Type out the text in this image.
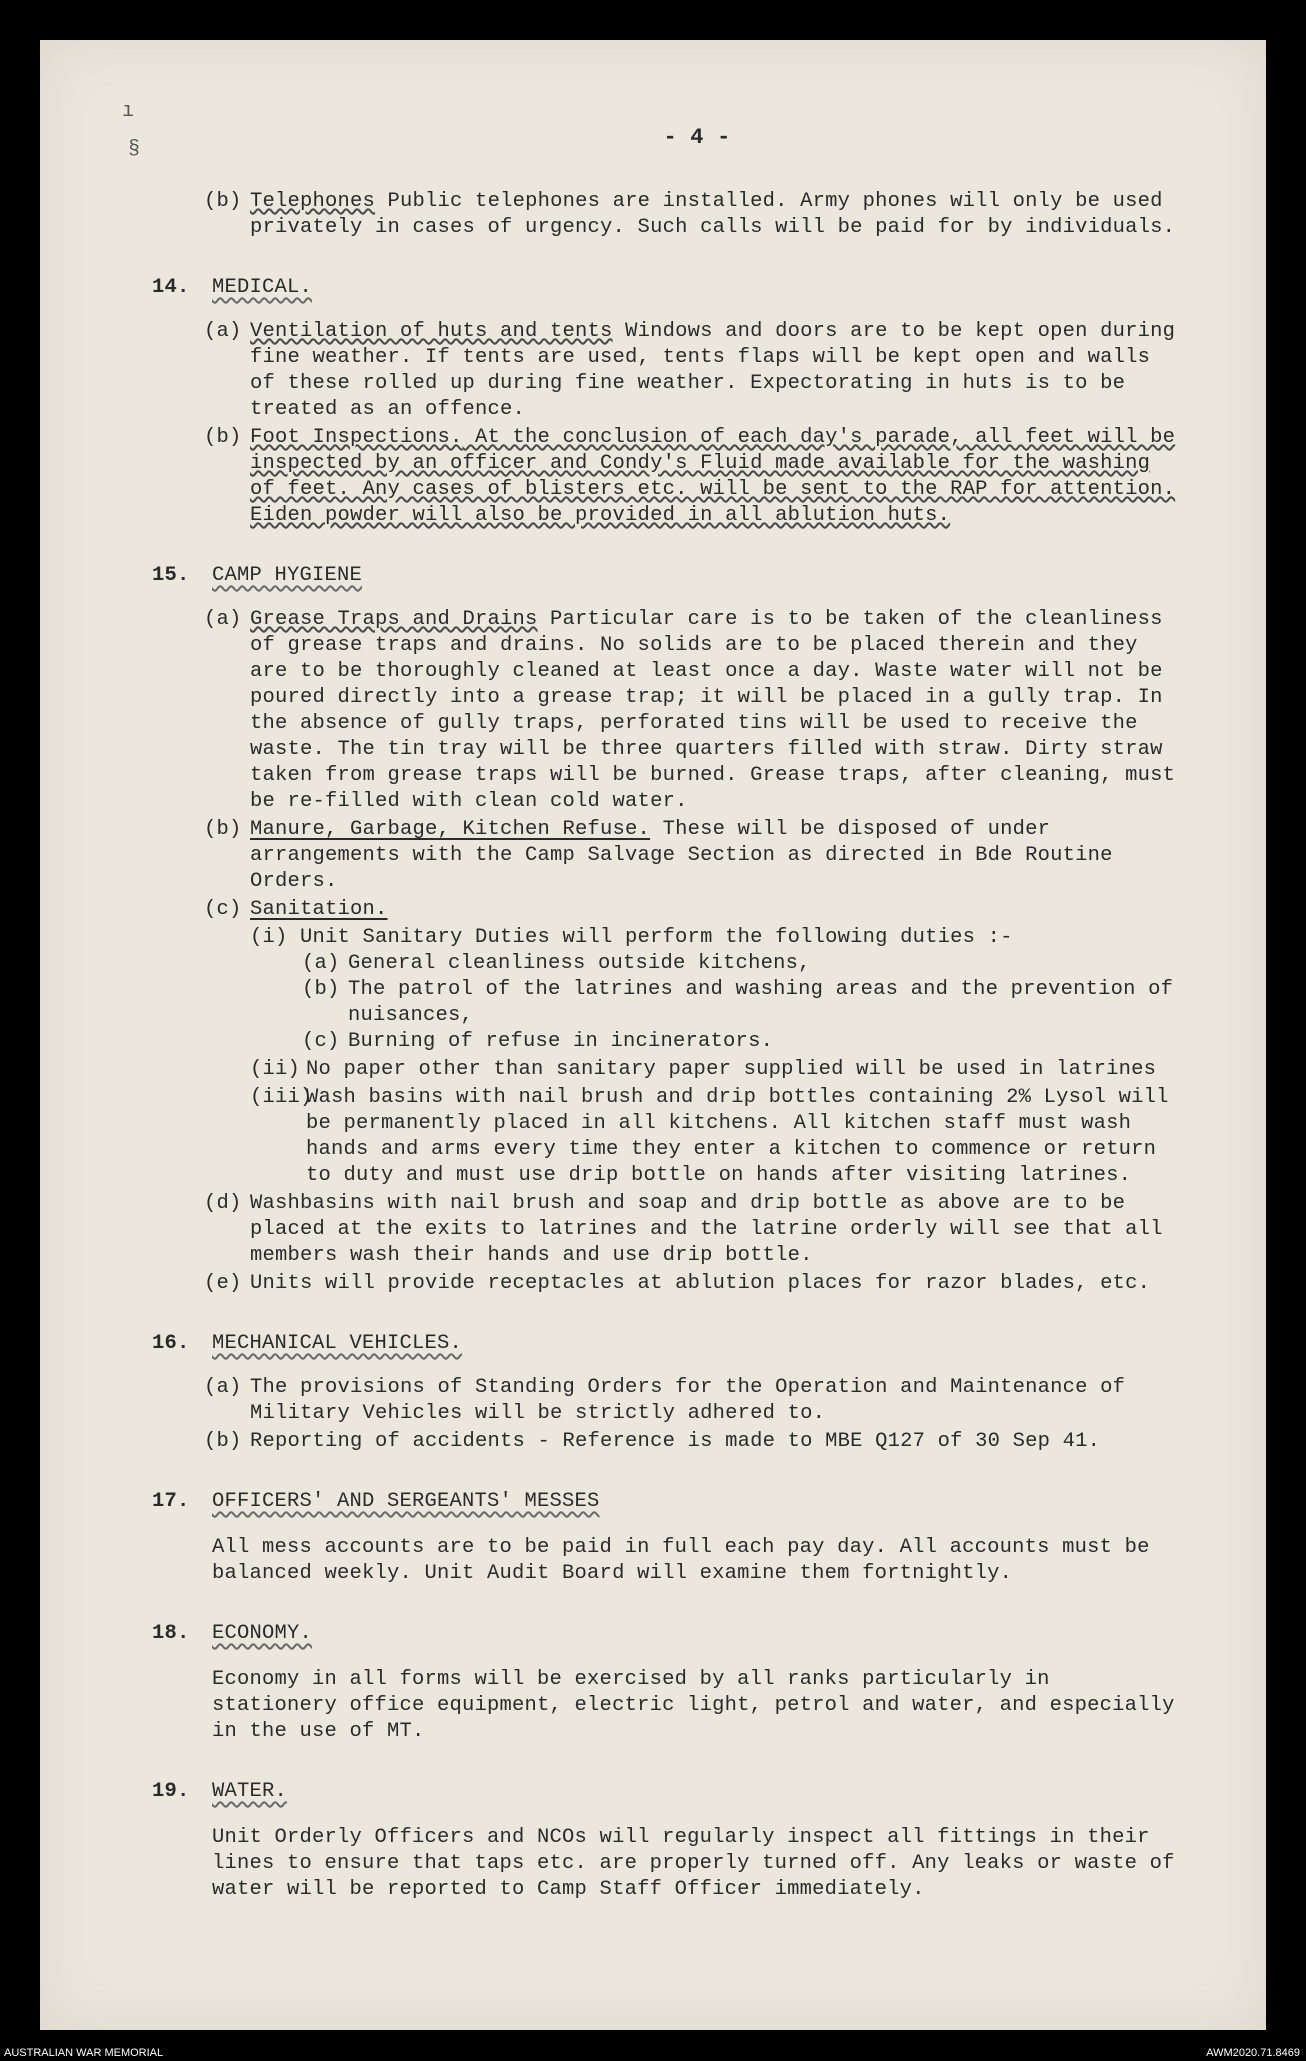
ı
§	- 4 -
(b) Telephones Public telephones are installed. Army phones will only be used privately in cases of urgency. Such calls will be paid for by individuals.
14.	MEDICAL.
(a) Ventilation of huts and tents Windows and doors are to be kept open during fine weather. If tents are used, tents flaps will be kept open and walls of these rolled up during fine weather. Expectorating in huts is to be treated as an offence.
(b) Foot Inspections. At the conclusion of each day's parade, all feet will be inspected by an officer and Condy's Fluid made available for the washing of feet. Any cases of blisters etc. will be sent to the RAP for attention. Eiden powder will also be provided in all ablution huts.
15.	CAMP HYGIENE
(a) Grease Traps and Drains Particular care is to be taken of the cleanliness of grease traps and drains. No solids are to be placed therein and they are to be thoroughly cleaned at least once a day. Waste water will not be poured directly into a grease trap; it will be placed in a gully trap. In the absence of gully traps, perforated tins will be used to receive the waste. The tin tray will be three quarters filled with straw. Dirty straw taken from grease traps will be burned. Grease traps, after cleaning, must be re-filled with clean cold water.
(b) Manure, Garbage, Kitchen Refuse. These will be disposed of under arrangements with the Camp Salvage Section as directed in Bde Routine Orders.
(c) Sanitation.
(i) Unit Sanitary Duties will perform the following duties :-
(a) General cleanliness outside kitchens,
(b) The patrol of the latrines and washing areas and the prevention of nuisances,
(c) Burning of refuse in incinerators.
(ii) No paper other than sanitary paper supplied will be used in latrines
(iii)
Wash basins with nail brush and drip bottles containing 2% Lysol will be permanently placed in all kitchens. All kitchen staff must wash hands and arms every time they enter a kitchen to commence or return to duty and must use drip bottle on hands after visiting latrines.
(d) Washbasins with nail brush and soap and drip bottle as above are to be placed at the exits to latrines and the latrine orderly will see that all members wash their hands and use drip bottle.
(e) Units will provide receptacles at ablution places for razor blades, etc.
16.	MECHANICAL VEHICLES.
(a) The provisions of Standing Orders for the Operation and Maintenance of Military Vehicles will be strictly adhered to.
(b) Reporting of accidents - Reference is made to MBE Q127 of 30 Sep 41.
17.	OFFICERS' AND SERGEANTS' MESSES
All mess accounts are to be paid in full each pay day. All accounts must be balanced weekly. Unit Audit Board will examine them fortnightly.
18.	ECONOMY.
Economy in all forms will be exercised by all ranks particularly in stationery office equipment, electric light, petrol and water, and especially in the use of MT.
19.	WATER.
Unit Orderly Officers and NCOs will regularly inspect all fittings in their lines to ensure that taps etc. are properly turned off. Any leaks or waste of water will be reported to Camp Staff Officer immediately.
AUSTRALIAN WAR MEMORIAL	AWM2020.71.8469
